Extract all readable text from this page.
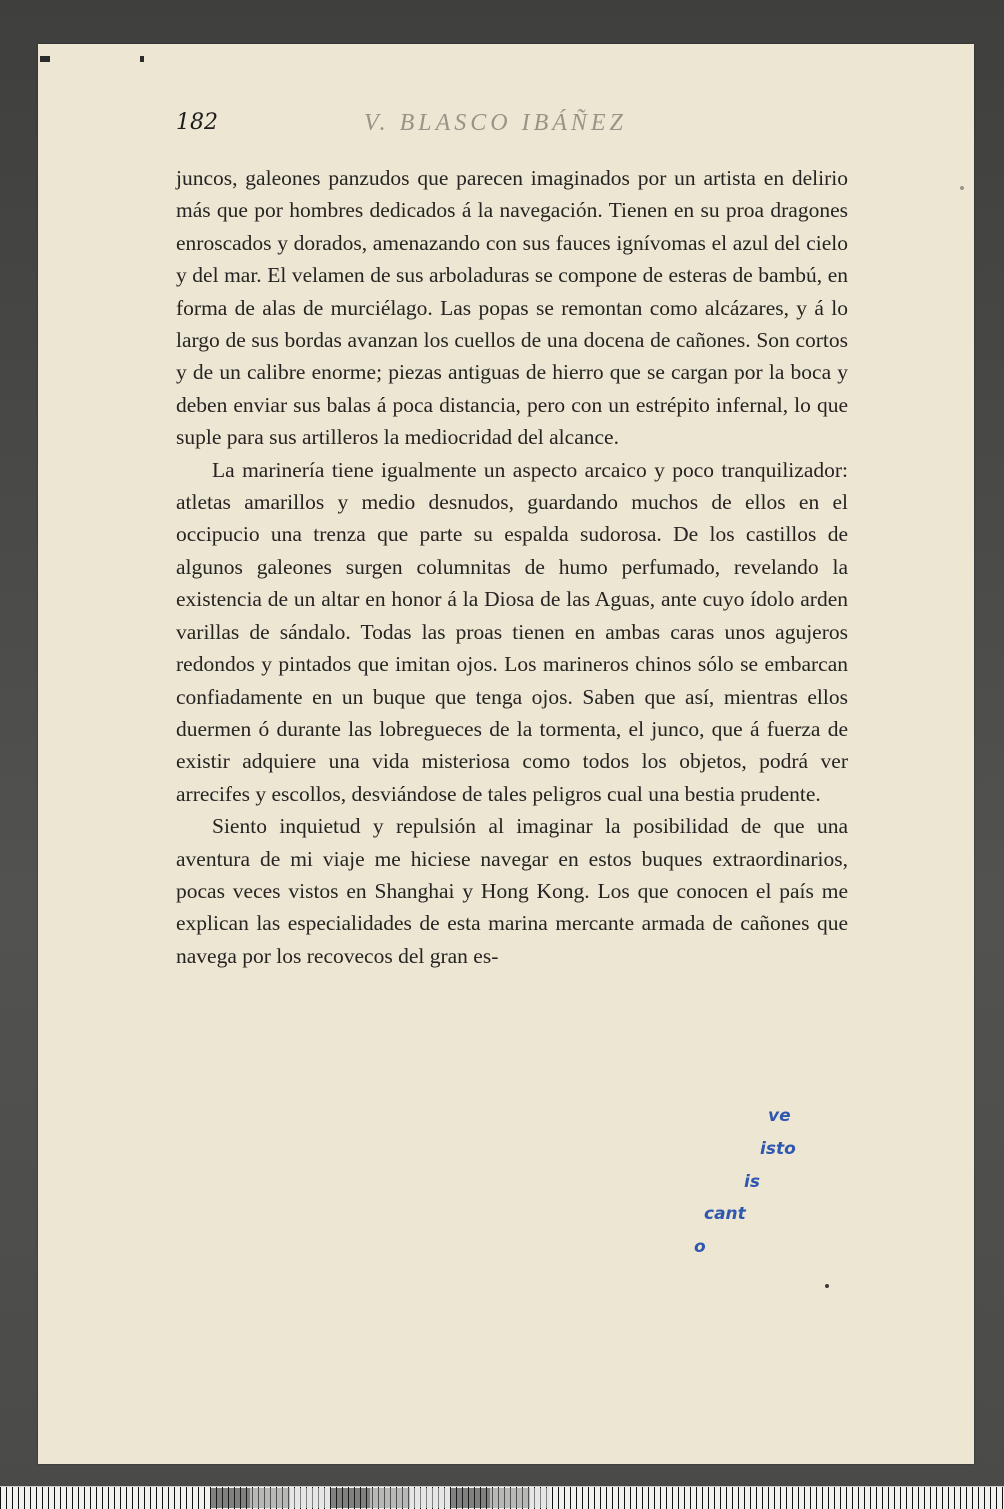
182	V. BLASCO IBÁÑEZ

juncos, galeones panzudos que parecen imaginados por un artista en delirio más que por hombres dedicados á la navegación. Tienen en su proa dragones enroscados y dorados, amenazando con sus fauces ignívomas el azul del cielo y del mar. El velamen de sus arboladuras se compone de esteras de bambú, en forma de alas de murciélago. Las popas se remontan como alcázares, y á lo largo de sus bordas avanzan los cuellos de una docena de cañones. Son cortos y de un calibre enorme; piezas antiguas de hierro que se cargan por la boca y deben enviar sus balas á poca distancia, pero con un estrépito infernal, lo que suple para sus artilleros la mediocridad del alcance.

La marinería tiene igualmente un aspecto arcaico y poco tranquilizador: atletas amarillos y medio desnudos, guardando muchos de ellos en el occipucio una trenza que parte su espalda sudorosa. De los castillos de algunos galeones surgen columnitas de humo perfumado, revelando la existencia de un altar en honor á la Diosa de las Aguas, ante cuyo ídolo arden varillas de sándalo. Todas las proas tienen en ambas caras unos agujeros redondos y pintados que imitan ojos. Los marineros chinos sólo se embarcan confiadamente en un buque que tenga ojos. Saben que así, mientras ellos duermen ó durante las lobregueces de la tormenta, el junco, que á fuerza de existir adquiere una vida misteriosa como todos los objetos, podrá ver arrecifes y escollos, desviándose de tales peligros cual una bestia prudente.

Siento inquietud y repulsión al imaginar la posibilidad de que una aventura de mi viaje me hiciese navegar en estos buques extraordinarios, pocas veces vistos en Shanghai y Hong Kong. Los que conocen el país me explican las especialidades de esta marina mercante armada de cañones que navega por los recovecos del gran es-

ve
isto
is
cant
o
